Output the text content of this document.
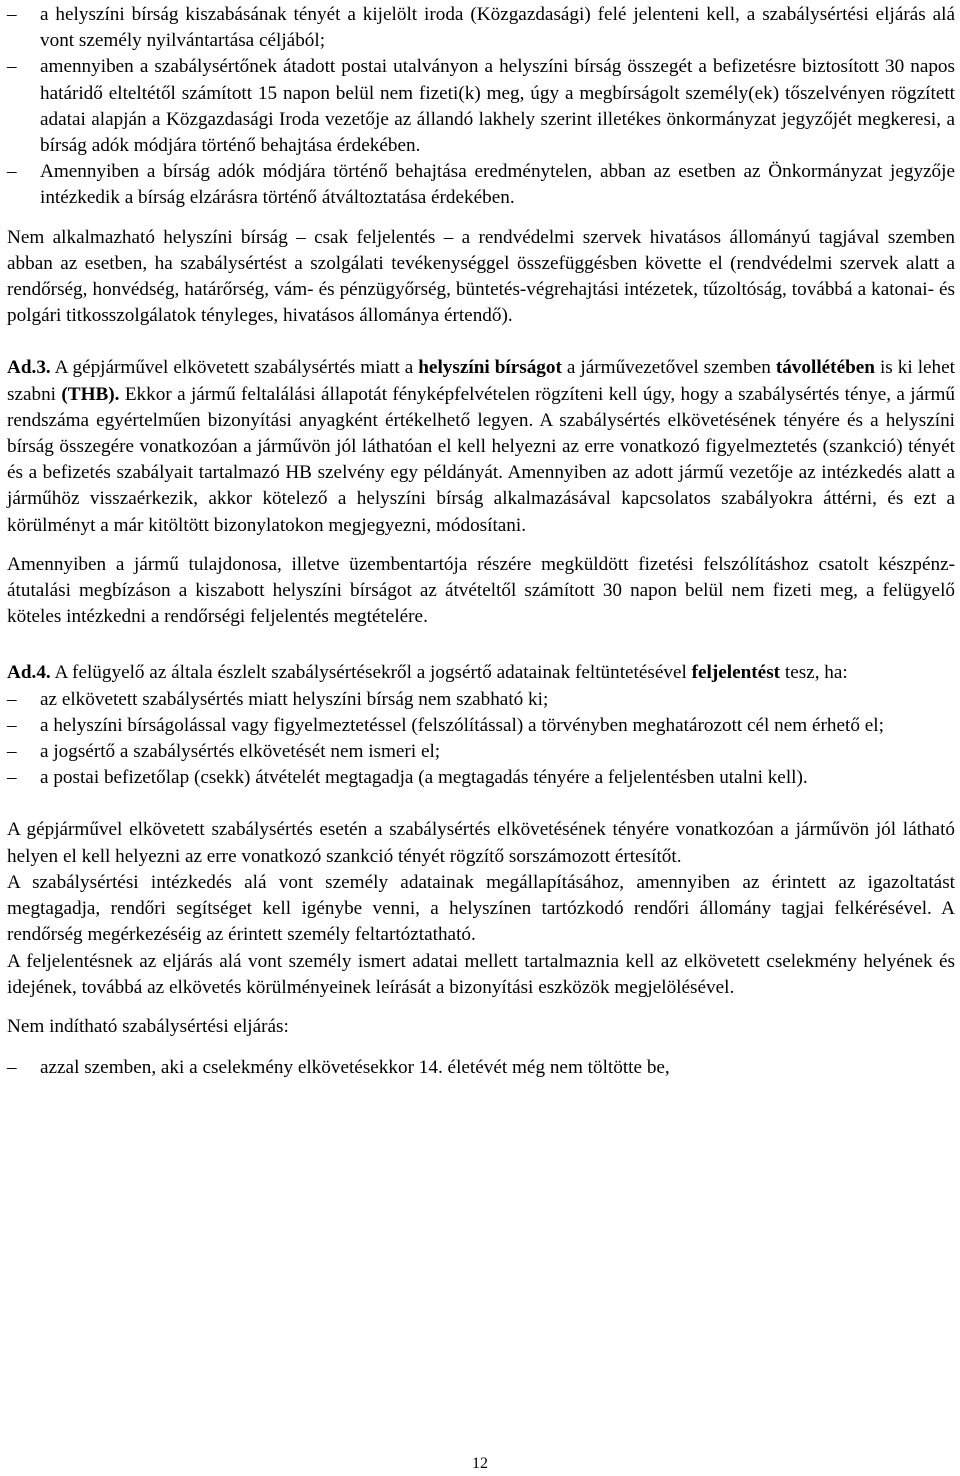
– a helyszíni bírság kiszabásának tényét a kijelölt iroda (Közgazdasági) felé jelenteni kell, a szabálysértési eljárás alá vont személy nyilvántartása céljából;
– amennyiben a szabálysértőnek átadott postai utalványon a helyszíni bírság összegét a befizetésre biztosított 30 napos határidő elteltétől számított 15 napon belül nem fizeti(k) meg, úgy a megbírságolt személy(ek) tőszelvényen rögzített adatai alapján a Közgazdasági Iroda vezetője az állandó lakhely szerint illetékes önkormányzat jegyzőjét megkeresi, a bírság adók módjára történő behajtása érdekében.
– Amennyiben a bírság adók módjára történő behajtása eredménytelen, abban az esetben az Önkormányzat jegyzője intézkedik a bírság elzárásra történő átváltoztatása érdekében.

Nem alkalmazható helyszíni bírság – csak feljelentés – a rendvédelmi szervek hivatásos állományú tagjával szemben abban az esetben, ha szabálysértést a szolgálati tevékenységgel összefüggésben követte el (rendvédelmi szervek alatt a rendőrség, honvédség, határőrség, vám- és pénzügyőrség, büntetés-végrehajtási intézetek, tűzoltóság, továbbá a katonai- és polgári titkosszolgálatok tényleges, hivatásos állománya értendő).

Ad.3. A gépjárművel elkövetett szabálysértés miatt a helyszíni bírságot a járművezetővel szemben távollétében is ki lehet szabni (THB). Ekkor a jármű feltalálási állapotát fényképfelvételen rögzíteni kell úgy, hogy a szabálysértés ténye, a jármű rendszáma egyértelműen bizonyítási anyagként értékelhető legyen. A szabálysértés elkövetésének tényére és a helyszíni bírság összegére vonatkozóan a járművön jól láthatóan el kell helyezni az erre vonatkozó figyelmeztetés (szankció) tényét és a befizetés szabályait tartalmazó HB szelvény egy példányát. Amennyiben az adott jármű vezetője az intézkedés alatt a járműhöz visszaérkezik, akkor kötelező a helyszíni bírság alkalmazásával kapcsolatos szabályokra áttérni, és ezt a körülményt a már kitöltött bizonylatokon megjegyezni, módosítani.

Amennyiben a jármű tulajdonosa, illetve üzembentartója részére megküldött fizetési felszólításhoz csatolt készpénz-átutalási megbízáson a kiszabott helyszíni bírságot az átvételtől számított 30 napon belül nem fizeti meg, a felügyelő köteles intézkedni a rendőrségi feljelentés megtételére.

Ad.4. A felügyelő az általa észlelt szabálysértésekről a jogsértő adatainak feltüntetésével feljelentést tesz, ha:

– az elkövetett szabálysértés miatt helyszíni bírság nem szabható ki;
– a helyszíni bírságolással vagy figyelmeztetéssel (felszólítással) a törvényben meghatározott cél nem érhető el;
– a jogsértő a szabálysértés elkövetését nem ismeri el;
– a postai befizetőlap (csekk) átvételét megtagadja (a megtagadás tényére a feljelentésben utalni kell).

A gépjárművel elkövetett szabálysértés esetén a szabálysértés elkövetésének tényére vonatkozóan a járművön jól látható helyen el kell helyezni az erre vonatkozó szankció tényét rögzítő sorszámozott értesítőt.

A szabálysértési intézkedés alá vont személy adatainak megállapításához, amennyiben az érintett az igazoltatást megtagadja, rendőri segítséget kell igénybe venni, a helyszínen tartózkodó rendőri állomány tagjai felkérésével. A rendőrség megérkezéséig az érintett személy feltartóztatható.

A feljelentésnek az eljárás alá vont személy ismert adatai mellett tartalmaznia kell az elkövetett cselekmény helyének és idejének, továbbá az elkövetés körülményeinek leírását a bizonyítási eszközök megjelölésével.

Nem indítható szabálysértési eljárás:

– azzal szemben, aki a cselekmény elkövetésekkor 14. életévét még nem töltötte be,
12
